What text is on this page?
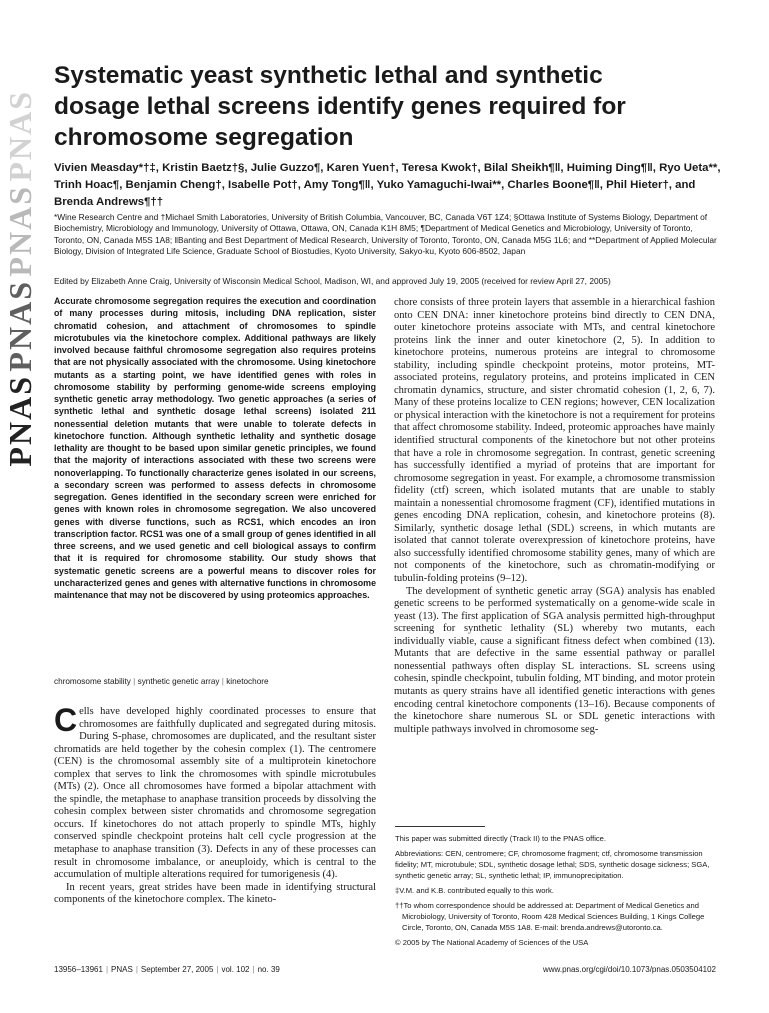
PNAS
PNAS
PNAS
PNAS
Systematic yeast synthetic lethal and synthetic dosage lethal screens identify genes required for chromosome segregation

Vivien Measday*†‡, Kristin Baetz†§, Julie Guzzo¶, Karen Yuen†, Teresa Kwok†, Bilal Sheikh¶‖, Huiming Ding¶‖, Ryo Ueta**, Trinh Hoac¶, Benjamin Cheng†, Isabelle Pot†, Amy Tong¶‖, Yuko Yamaguchi-Iwai**, Charles Boone¶‖, Phil Hieter†, and Brenda Andrews¶††

*Wine Research Centre and †Michael Smith Laboratories, University of British Columbia, Vancouver, BC, Canada V6T 1Z4; §Ottawa Institute of Systems Biology, Department of Biochemistry, Microbiology and Immunology, University of Ottawa, Ottawa, ON, Canada K1H 8M5; ¶Department of Medical Genetics and Microbiology, University of Toronto, Toronto, ON, Canada M5S 1A8; ‖Banting and Best Department of Medical Research, University of Toronto, Toronto, ON, Canada M5G 1L6; and **Department of Applied Molecular Biology, Division of Integrated Life Science, Graduate School of Biostudies, Kyoto University, Sakyo-ku, Kyoto 606-8502, Japan

Edited by Elizabeth Anne Craig, University of Wisconsin Medical School, Madison, WI, and approved July 19, 2005 (received for review April 27, 2005)

Accurate chromosome segregation requires the execution and coordination of many processes during mitosis, including DNA replication, sister chromatid cohesion, and attachment of chromosomes to spindle microtubules via the kinetochore complex. Additional pathways are likely involved because faithful chromosome segregation also requires proteins that are not physically associated with the chromosome. Using kinetochore mutants as a starting point, we have identified genes with roles in chromosome stability by performing genome-wide screens employing synthetic genetic array methodology. Two genetic approaches (a series of synthetic lethal and synthetic dosage lethal screens) isolated 211 nonessential deletion mutants that were unable to tolerate defects in kinetochore function. Although synthetic lethality and synthetic dosage lethality are thought to be based upon similar genetic principles, we found that the majority of interactions associated with these two screens were nonoverlapping. To functionally characterize genes isolated in our screens, a secondary screen was performed to assess defects in chromosome segregation. Genes identified in the secondary screen were enriched for genes with known roles in chromosome segregation. We also uncovered genes with diverse functions, such as RCS1, which encodes an iron transcription factor. RCS1 was one of a small group of genes identified in all three screens, and we used genetic and cell biological assays to confirm that it is required for chromosome stability. Our study shows that systematic genetic screens are a powerful means to discover roles for uncharacterized genes and genes with alternative functions in chromosome maintenance that may not be discovered by using proteomics approaches.

chromosome stability | synthetic genetic array | kinetochore

Cells have developed highly coordinated processes to ensure that chromosomes are faithfully duplicated and segregated during mitosis. During S-phase, chromosomes are duplicated, and the resultant sister chromatids are held together by the cohesin complex (1). The centromere (CEN) is the chromosomal assembly site of a multiprotein kinetochore complex that serves to link the chromosomes with spindle microtubules (MTs) (2). Once all chromosomes have formed a bipolar attachment with the spindle, the metaphase to anaphase transition proceeds by dissolving the cohesin complex between sister chromatids and chromosome segregation occurs. If kinetochores do not attach properly to spindle MTs, highly conserved spindle checkpoint proteins halt cell cycle progression at the metaphase to anaphase transition (3). Defects in any of these processes can result in chromosome imbalance, or aneuploidy, which is central to the accumulation of multiple alterations required for tumorigenesis (4).
In recent years, great strides have been made in identifying structural components of the kinetochore complex. The kineto-
chore consists of three protein layers that assemble in a hierarchical fashion onto CEN DNA: inner kinetochore proteins bind directly to CEN DNA, outer kinetochore proteins associate with MTs, and central kinetochore proteins link the inner and outer kinetochore (2, 5). In addition to kinetochore proteins, numerous proteins are integral to chromosome stability, including spindle checkpoint proteins, motor proteins, MT-associated proteins, regulatory proteins, and proteins implicated in CEN chromatin dynamics, structure, and sister chromatid cohesion (1, 2, 6, 7). Many of these proteins localize to CEN regions; however, CEN localization or physical interaction with the kinetochore is not a requirement for proteins that affect chromosome stability. Indeed, proteomic approaches have mainly identified structural components of the kinetochore but not other proteins that have a role in chromosome segregation. In contrast, genetic screening has successfully identified a myriad of proteins that are important for chromosome segregation in yeast. For example, a chromosome transmission fidelity (ctf) screen, which isolated mutants that are unable to stably maintain a nonessential chromosome fragment (CF), identified mutations in genes encoding DNA replication, cohesin, and kinetochore proteins (8). Similarly, synthetic dosage lethal (SDL) screens, in which mutants are isolated that cannot tolerate overexpression of kinetochore proteins, have also successfully identified chromosome stability genes, many of which are not components of the kinetochore, such as chromatin-modifying or tubulin-folding proteins (9–12).
The development of synthetic genetic array (SGA) analysis has enabled genetic screens to be performed systematically on a genome-wide scale in yeast (13). The first application of SGA analysis permitted high-throughput screening for synthetic lethality (SL) whereby two mutants, each individually viable, cause a significant fitness defect when combined (13). Mutants that are defective in the same essential pathway or parallel nonessential pathways often display SL interactions. SL screens using cohesin, spindle checkpoint, tubulin folding, MT binding, and motor protein mutants as query strains have all identified genetic interactions with genes encoding central kinetochore components (13–16). Because components of the kinetochore share numerous SL or SDL genetic interactions with multiple pathways involved in chromosome seg-

This paper was submitted directly (Track II) to the PNAS office.

Abbreviations: CEN, centromere; CF, chromosome fragment; ctf, chromosome transmission fidelity; MT, microtubule; SDL, synthetic dosage lethal; SDS, synthetic dosage sickness; SGA, synthetic genetic array; SL, synthetic lethal; IP, immunoprecipitation.

‡V.M. and K.B. contributed equally to this work.

††To whom correspondence should be addressed at: Department of Medical Genetics and Microbiology, University of Toronto, Room 428 Medical Sciences Building, 1 Kings College Circle, Toronto, ON, Canada M5S 1A8. E-mail: brenda.andrews@utoronto.ca.

© 2005 by The National Academy of Sciences of the USA

13956–13961 | PNAS | September 27, 2005 | vol. 102 | no. 39	www.pnas.org/cgi/doi/10.1073/pnas.0503504102
